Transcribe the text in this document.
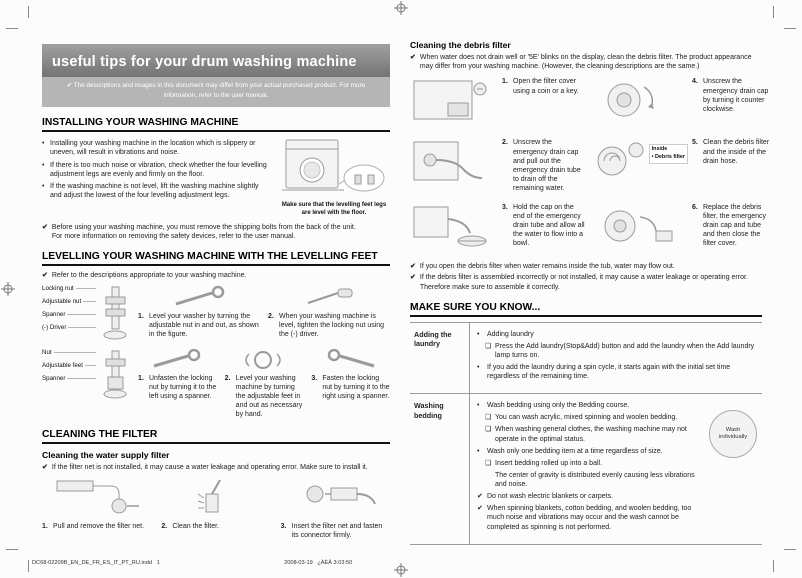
useful tips for your drum washing machine
✔ The descriptions and images in this document may differ from your actual purchased product. For more information, refer to the user manual.
INSTALLING YOUR WASHING MACHINE
• Installing your washing machine in the location which is slippery or uneven, will result in vibrations and noise.
• If there is too much noise or vibration, check whether the four levelling adjustment legs are evenly and firmly on the floor.
• If the washing machine is not level, lift the washing machine slightly and adjust the lowest of the four levelling adjustment legs.
Make sure that the levelling feet legs are level with the floor.
✔ Before using your washing machine, you must remove the shipping bolts from the back of the unit.
For more information on removing the safety devices, refer to the user manual.
LEVELLING YOUR WASHING MACHINE WITH THE LEVELLING FEET
✔ Refer to the descriptions appropriate to your washing machine.
Locking nut
Adjustable nut
Spanner
(-) Driver
1. Level your washer by turning the adjustable nut in and out, as shown in the figure.
2. When your washing machine is level, tighten the locking nut using the (-) driver.
Nut
Adjustable feet
Spanner	1. Unfasten the locking nut by turning it to the left using a spanner.
2. Level your washing machine by turning the adjustable feet in and out as necessary by hand.
3. Fasten the locking nut by turning it to the right using a spanner.
CLEANING THE FILTER
Cleaning the water supply filter
✔ If the filter net is not installed, it may cause a water leakage and operating error. Make sure to install it.
1. Pull and remove the filter net. 2. Clean the filter.	3. Insert the filter net and fasten its connector firmly.
Cleaning the debris filter
✔ When water does not drain well or '5E' blinks on the display, clean the debris filter. The product appearance may differ from your washing machine. (However, the cleaning descriptions are the same.)
1. Open the filter cover using a coin or a key.
4. Unscrew the emergency drain cap by turning it counter clockwise.
2. Unscrew the emergency drain cap and pull out the emergency drain tube to drain off the remaining water.
Inside
• Debris filter
5. Clean the debris filter and the inside of the drain hose.
3. Hold the cap on the end of the emergency drain tube and allow all the water to flow into a bowl.
6. Replace the debris filter, the emergency drain cap and tube and then close the filter cover.
✔ If you open the debris filter when water remains inside the tub, water may flow out.
✔ If the debris filter is assembled incorrectly or not installed, it may cause a water leakage or operating error. Therefore make sure to assemble it correctly.
MAKE SURE YOU KNOW...
Adding the laundry
•	Adding laundry
❏ Press the Add laundry(Stop&Add) button and add the laundry when the Add laundry lamp turns on.
•	If you add the laundry during a spin cycle, it starts again with the initial set time regardless of the remaining time.
Washing bedding
•	Wash bedding using only the Bedding course.
❏ You can wash acrylic, mixed spinning and woolen bedding.
❏ When washing general clothes, the washing machine may not operate in the optimal status.
•	Wash only one bedding item at a time regardless of size.
❏ Insert bedding rolled up into a ball.
The center of gravity is distributed evenly causing less vibrations and noise.
✔ Do not wash electric blankets or carpets.
✔ When spinning blankets, cotton bedding, and woolen bedding, too much noise and vibrations may occur and the wash cannot be completed as spinning is not performed.
Wash individually
DC68-02209B_EN_DE_FR_ES_IT_PT_RU.indd   1                                                                                2008-03-19   ¿ÀÈÄ 3:03:50
